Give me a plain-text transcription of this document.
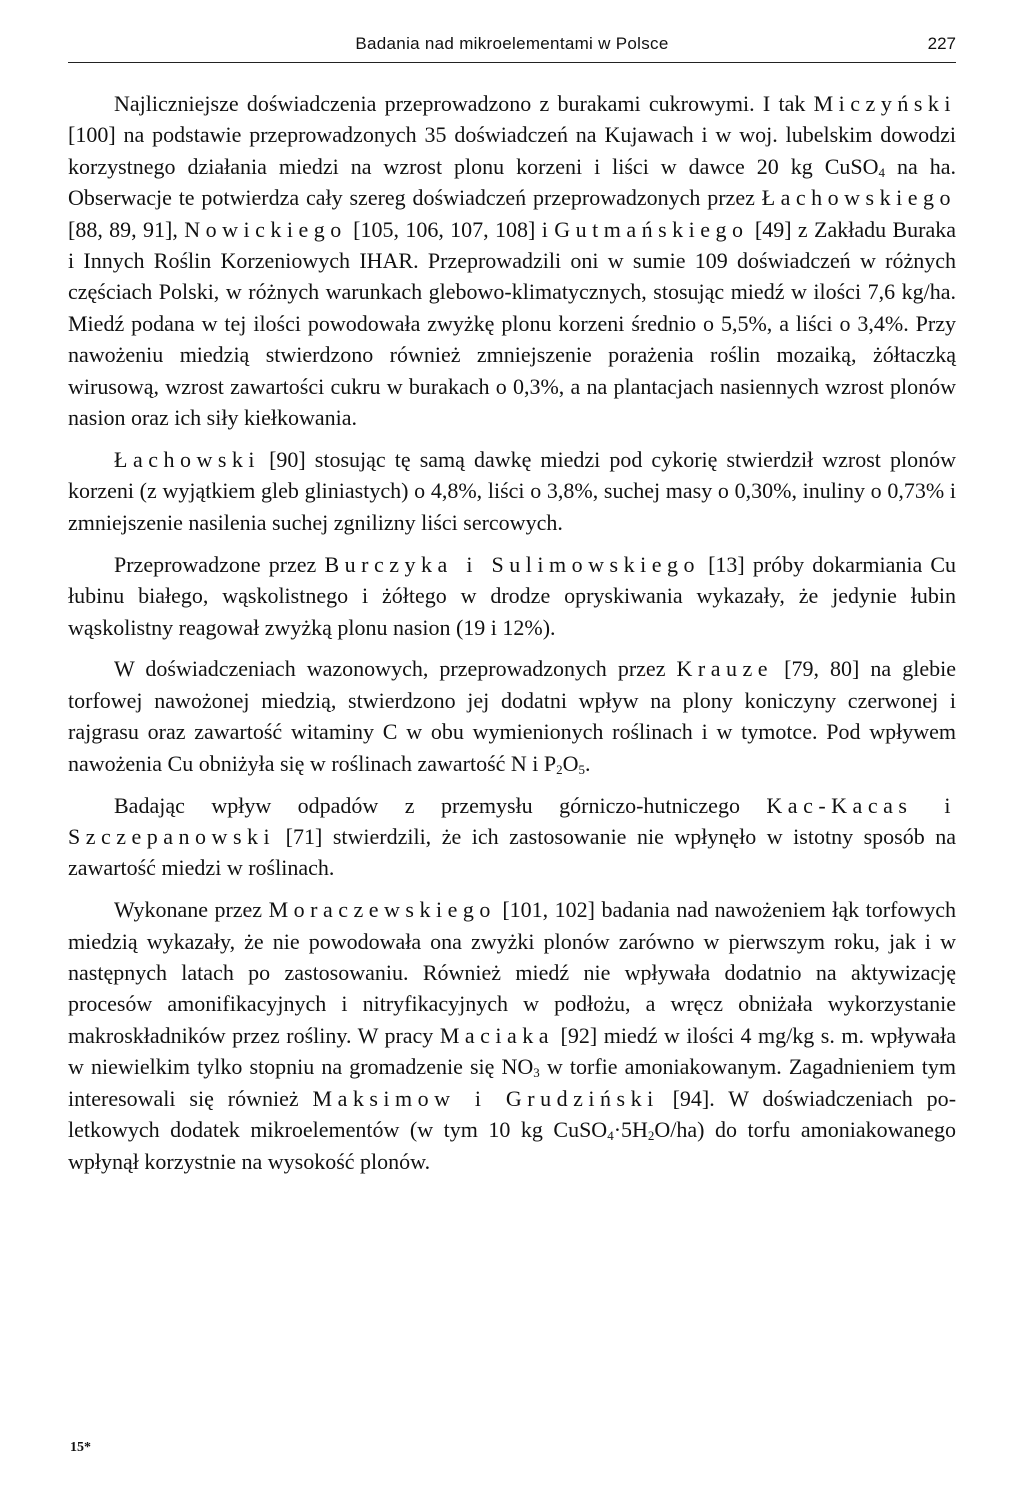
Badania nad mikroelementami w Polsce	227

Najliczniejsze doświadczenia przeprowadzono z burakami cukrowymi. I tak Miczyński [100] na podstawie przeprowadzonych 35 doświadczeń na Kujawach i w woj. lubelskim dowodzi korzystnego działania miedzi na wzrost plonu korzeni i liści w dawce 20 kg CuSO$_4$ na ha. Obserwacje te potwierdza cały szereg doświadczeń przeprowadzonych przez Łachowskiego [88, 89, 91], Nowickiego [105, 106, 107, 108] i Gutmańskiego [49] z Zakładu Buraka i Innych Roślin Korzeniowych IHAR. Przeprowadzili oni w sumie 109 doświadczeń w różnych częściach Polski, w różnych warunkach glebowo-klimatycznych, stosując miedź w ilości 7,6 kg/ha. Miedź podana w tej ilości powodowała zwyżkę plonu korzeni średnio o 5,5%, a liści o 3,4%. Przy nawożeniu miedzią stwierdzono również zmniejszenie porażenia roślin mozaiką, żółtaczką wirusową, wzrost zawartości cukru w burakach o 0,3%, a na plantacjach nasiennych wzrost plonów nasion oraz ich siły kiełkowania.

Łachowski [90] stosując tę samą dawkę miedzi pod cykorię stwierdził wzrost plonów korzeni (z wyjątkiem gleb gliniastych) o 4,8%, liści o 3,8%, suchej masy o 0,30%, inuliny o 0,73% i zmniejszenie nasilenia suchej zgnilizny liści sercowych.

Przeprowadzone przez Burczyka i Sulimowskiego [13] próby dokarmiania Cu łubinu białego, wąskolistnego i żółtego w drodze opryskiwania wykazały, że jedynie łubin wąskolistny reagował zwyżką plonu nasion (19 i 12%).

W doświadczeniach wazonowych, przeprowadzonych przez Krauze [79, 80] na glebie torfowej nawożonej miedzią, stwierdzono jej dodatni wpływ na plony koniczyny czerwonej i rajgrasu oraz zawartość witaminy C w obu wymienionych roślinach i w tymotce. Pod wpływem nawożenia Cu obniżyła się w roślinach zawartość N i $P_2O_5$.

Badając wpływ odpadów z przemysłu górniczo-hutniczego Kac-Kacas i Szczepanowski [71] stwierdzili, że ich zastosowanie nie wpłynęło w istotny sposób na zawartość miedzi w roślinach.

Wykonane przez Moraczewskiego [101, 102] badania nad nawożeniem łąk torfowych miedzią wykazały, że nie powodowała ona zwyżki plonów zarówno w pierwszym roku, jak i w następnych latach po zastosowaniu. Również miedź nie wpływała dodatnio na aktywizację procesów amonifikacyjnych i nitryfikacyjnych w podłożu, a wręcz obniżała wykorzystanie makroskładników przez rośliny. W pracy Maciaka [92] miedź w ilości 4 mg/kg s. m. wpływała w niewielkim tylko stopniu na gromadzenie się $NO_3$ w torfie amoniakowanym. Zagadnieniem tym interesowali się również Maksimow i Grudziński [94]. W doświadczeniach poletkowych dodatek mikroelementów (w tym 10 kg $CuSO_4\cdot 5H_2O/ha$) do torfu amoniakowanego wpłynął korzystnie na wysokość plonów.

15*
